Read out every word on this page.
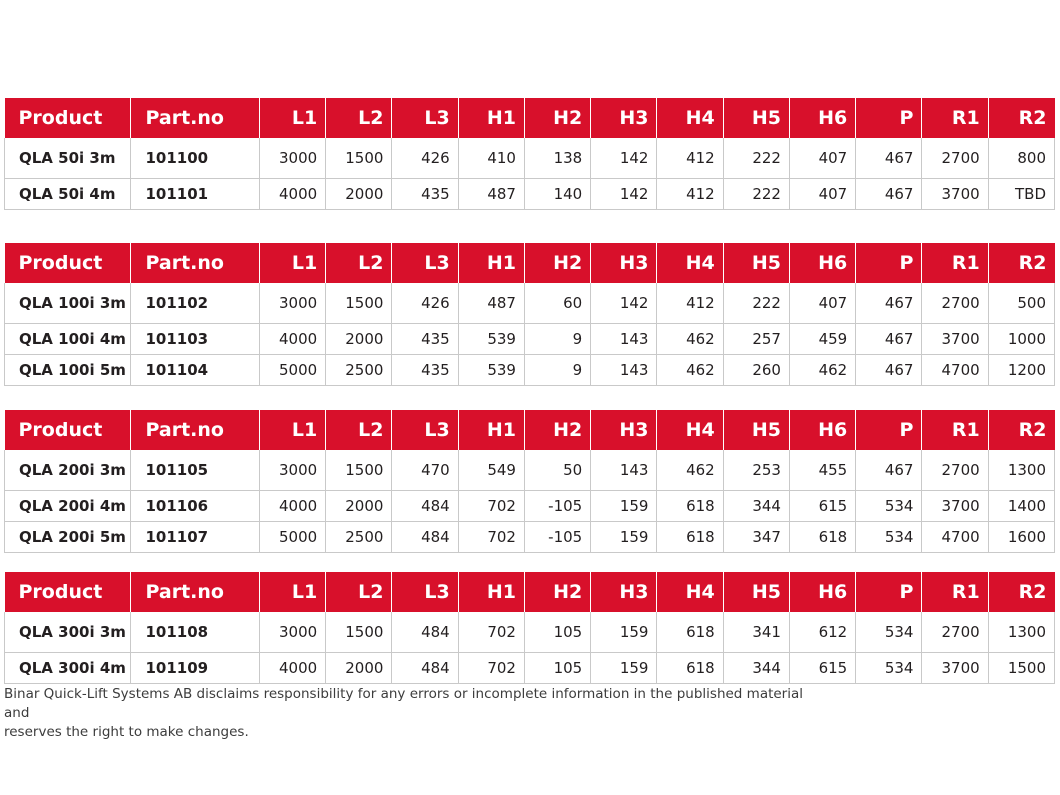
Product	Part.no	L1	L2	L3	H1	H2	H3	H4	H5	H6	P	R1	R2
QLA 50i 3m	101100	3000	1500	426	410	138	142	412	222	407	467	2700	800
QLA 50i 4m	101101	4000	2000	435	487	140	142	412	222	407	467	3700	TBD
Product	Part.no	L1	L2	L3	H1	H2	H3	H4	H5	H6	P	R1	R2
QLA 100i 3m	101102	3000	1500	426	487	60	142	412	222	407	467	2700	500
QLA 100i 4m	101103	4000	2000	435	539	9	143	462	257	459	467	3700	1000
QLA 100i 5m	101104	5000	2500	435	539	9	143	462	260	462	467	4700	1200
Product	Part.no	L1	L2	L3	H1	H2	H3	H4	H5	H6	P	R1	R2
QLA 200i 3m	101105	3000	1500	470	549	50	143	462	253	455	467	2700	1300
QLA 200i 4m	101106	4000	2000	484	702	-105	159	618	344	615	534	3700	1400
QLA 200i 5m	101107	5000	2500	484	702	-105	159	618	347	618	534	4700	1600
Product	Part.no	L1	L2	L3	H1	H2	H3	H4	H5	H6	P	R1	R2
QLA 300i 3m	101108	3000	1500	484	702	105	159	618	341	612	534	2700	1300
QLA 300i 4m	101109	4000	2000	484	702	105	159	618	344	615	534	3700	1500

Binar Quick-Lift Systems AB disclaims responsibility for any errors or incomplete information in the published material and
reserves the right to make changes.
